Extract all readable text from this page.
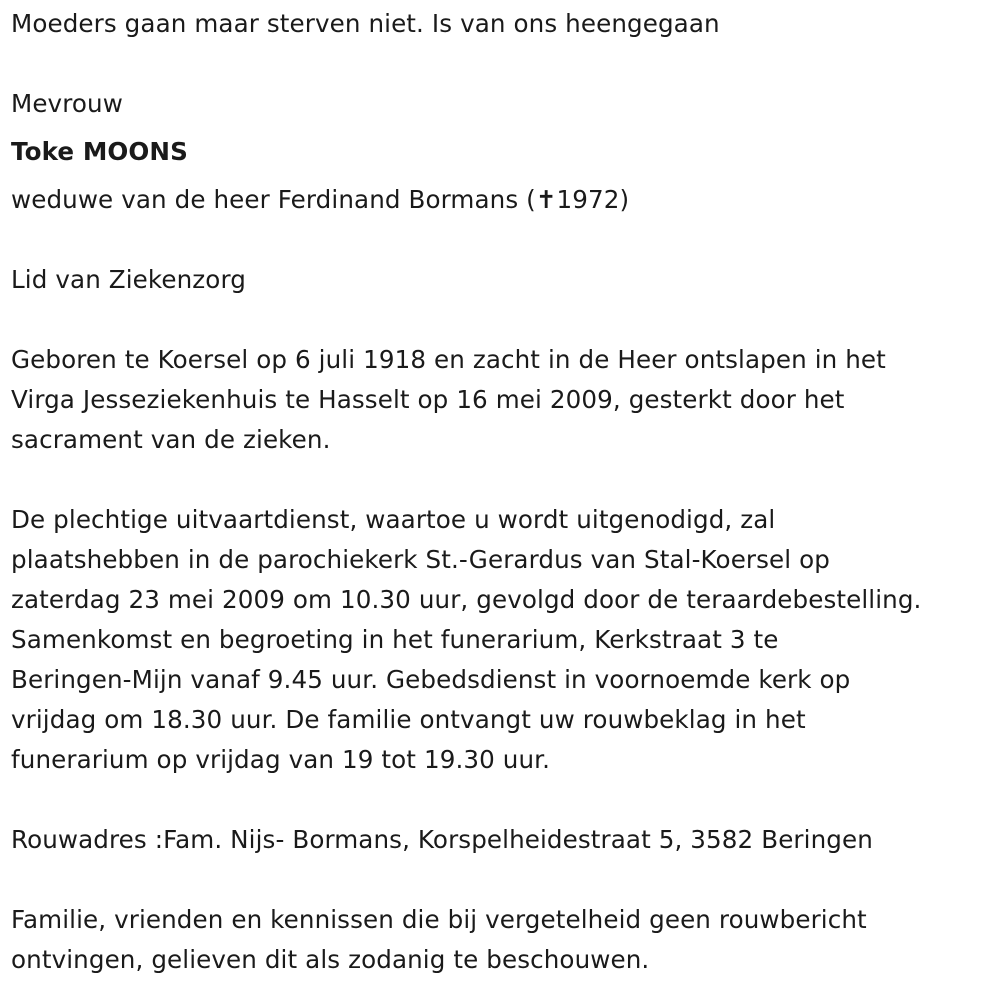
Moeders gaan maar sterven niet. Is van ons heengegaan
Mevrouw
Toke MOONS
weduwe van de heer Ferdinand Bormans (✝1972)
Lid van Ziekenzorg
Geboren te Koersel op 6 juli 1918 en zacht in de Heer ontslapen in het
Virga Jesseziekenhuis te Hasselt op 16 mei 2009, gesterkt door het
sacrament van de zieken.
De plechtige uitvaartdienst, waartoe u wordt uitgenodigd, zal
plaatshebben in de parochiekerk St.-Gerardus van Stal-Koersel op
zaterdag 23 mei 2009 om 10.30 uur, gevolgd door de teraardebestelling.
Samenkomst en begroeting in het funerarium, Kerkstraat 3 te
Beringen-Mijn vanaf 9.45 uur. Gebedsdienst in voornoemde kerk op
vrijdag om 18.30 uur. De familie ontvangt uw rouwbeklag in het
funerarium op vrijdag van 19 tot 19.30 uur.
Rouwadres :Fam. Nijs- Bormans, Korspelheidestraat 5, 3582 Beringen
Familie, vrienden en kennissen die bij vergetelheid geen rouwbericht
ontvingen, gelieven dit als zodanig te beschouwen.
